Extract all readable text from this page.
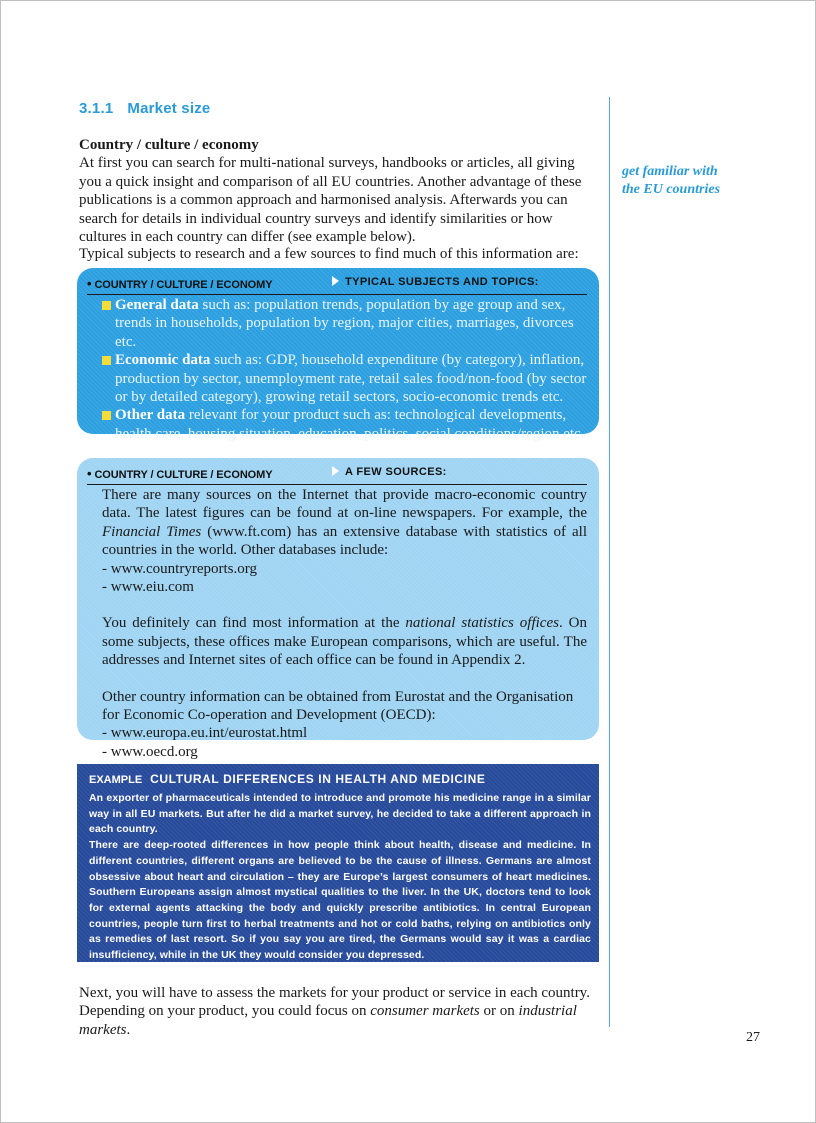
3.1.1 Market size
Country / culture / economy
At first you can search for multi-national surveys, handbooks or articles, all giving you a quick insight and comparison of all EU countries. Another advantage of these publications is a common approach and harmonised analysis. Afterwards you can search for details in individual country surveys and identify similarities or how cultures in each country can differ (see example below).
Typical subjects to research and a few sources to find much of this information are:
get familiar with
the EU countries
• COUNTRY / CULTURE / ECONOMY	TYPICAL SUBJECTS AND TOPICS:
General data such as: population trends, population by age group and sex, trends in households, population by region, major cities, marriages, divorces etc.
Economic data such as: GDP, household expenditure (by category), inflation, production by sector, unemployment rate, retail sales food/non-food (by sector or by detailed category), growing retail sectors, socio-economic trends etc.
Other data relevant for your product such as: technological developments, health care, housing situation, education, politics, social conditions/region etc.
• COUNTRY / CULTURE / ECONOMY	A FEW SOURCES:

There are many sources on the Internet that provide macro-economic country data. The latest figures can be found at on-line newspapers. For example, the Financial Times (www.ft.com) has an extensive database with statistics of all countries in the world. Other databases include:

- www.countryreports.org

- www.eiu.com

You definitely can find most information at the national statistics offices. On some subjects, these offices make European comparisons, which are useful. The addresses and Internet sites of each office can be found in Appendix 2.

Other country information can be obtained from Eurostat and the Organisation for Economic Co-operation and Development (OECD):

- www.europa.eu.int/eurostat.html

- www.oecd.org

EXAMPLE CULTURAL DIFFERENCES IN HEALTH AND MEDICINE

An exporter of pharmaceuticals intended to introduce and promote his medicine range in a similar way in all EU markets. But after he did a market survey, he decided to take a different approach in each country.

There are deep-rooted differences in how people think about health, disease and medicine. In different countries, different organs are believed to be the cause of illness. Germans are almost obsessive about heart and circulation – they are Europe’s largest consumers of heart medicines. Southern Europeans assign almost mystical qualities to the liver. In the UK, doctors tend to look for external agents attacking the body and quickly prescribe antibiotics. In central European countries, people turn first to herbal treatments and hot or cold baths, relying on antibiotics only as remedies of last resort. So if you say you are tired, the Germans would say it was a cardiac insufficiency, while in the UK they would consider you depressed.

Next, you will have to assess the markets for your product or service in each country. Depending on your product, you could focus on consumer markets or on industrial markets.	27
